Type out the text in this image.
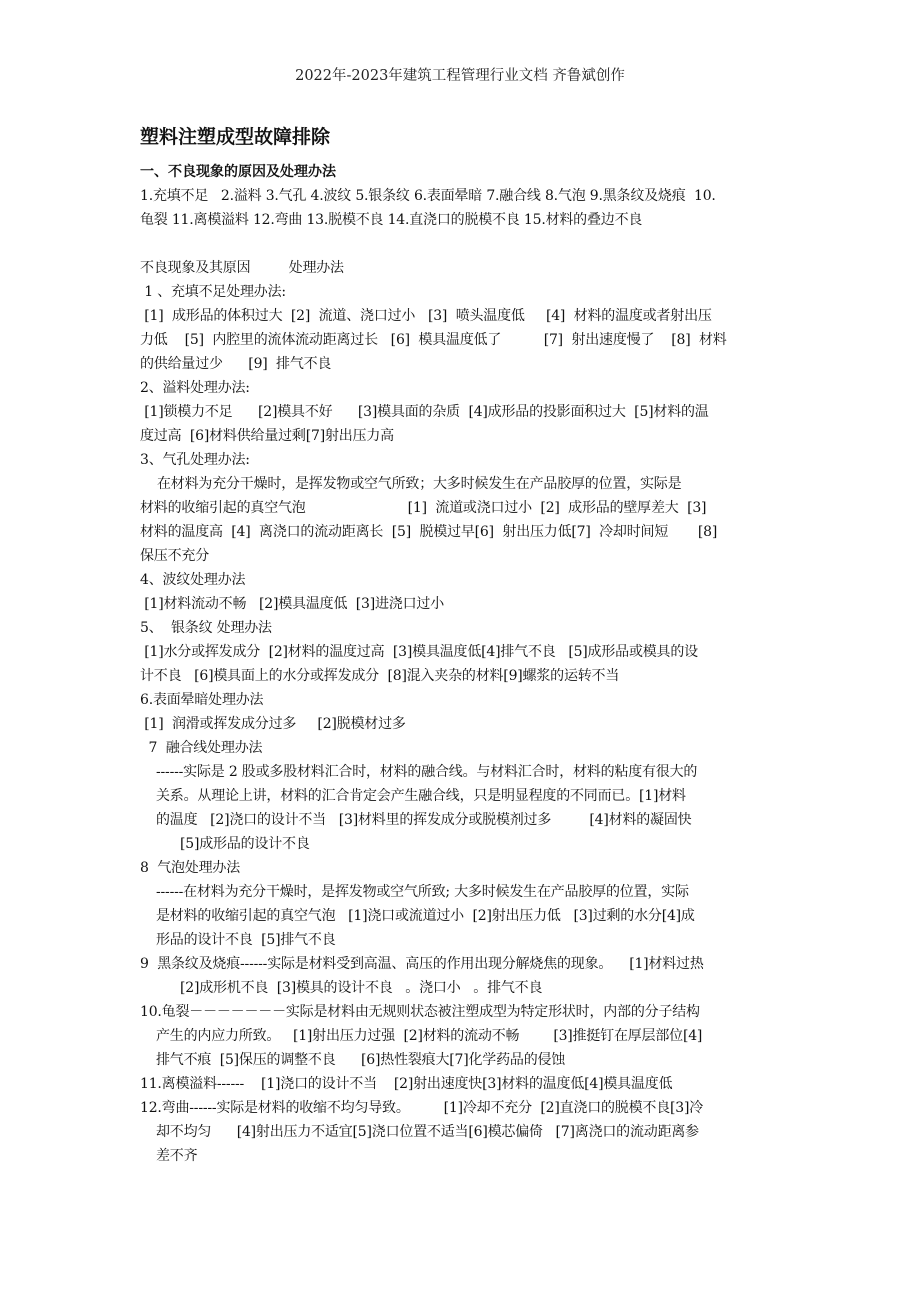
2022年-2023年建筑工程管理行业文档 齐鲁斌创作
塑料注塑成型故障排除
一、不良现象的原因及处理办法
1.充填不足   2.溢料 3.气孔 4.波纹 5.银条纹 6.表面晕暗 7.融合线 8.气泡 9.黑条纹及烧痕  10.
龟裂 11.离模溢料 12.弯曲 13.脱模不良 14.直浇口的脱模不良 15.材料的叠边不良
不良现象及其原因         处理办法
1 、充填不足处理办法:
[1]  成形品的体积过大  [2]  流道、浇口过小   [3]  喷头温度低     [4]  材料的温度或者射出压
力低    [5]  内腔里的流体流动距离过长   [6]  模具温度低了          [7]  射出速度慢了    [8]  材料
的供给量过少      [9]  排气不良
2、溢料处理办法:
[1]锁模力不足      [2]模具不好      [3]模具面的杂质  [4]成形品的投影面积过大  [5]材料的温
度过高  [6]材料供给量过剩[7]射出压力高
3、气孔处理办法:
在材料为充分干燥时，是挥发物或空气所致；大多时候发生在产品胶厚的位置，实际是
材料的收缩引起的真空气泡                        [1]  流道或浇口过小  [2]  成形品的壁厚差大  [3]
材料的温度高  [4]  离浇口的流动距离长  [5]  脱模过早[6]  射出压力低[7]  冷却时间短       [8]
保压不充分
4、波纹处理办法
[1]材料流动不畅   [2]模具温度低  [3]进浇口过小
5、  银条纹 处理办法
[1]水分或挥发成分  [2]材料的温度过高  [3]模具温度低[4]排气不良   [5]成形品或模具的设
计不良   [6]模具面上的水分或挥发成分  [8]混入夹杂的材料[9]螺浆的运转不当
6.表面晕暗处理办法
[1]  润滑或挥发成分过多     [2]脱模材过多
7  融合线处理办法
------实际是 2 股或多股材料汇合时，材料的融合线。与材料汇合时，材料的粘度有很大的
关系。从理论上讲，材料的汇合肯定会产生融合线，只是明显程度的不同而已。[1]材料
的温度   [2]浇口的设计不当   [3]材料里的挥发成分或脱模剂过多         [4]材料的凝固快
[5]成形品的设计不良
8  气泡处理办法
------在材料为充分干燥时，是挥发物或空气所致; 大多时候发生在产品胶厚的位置，实际
是材料的收缩引起的真空气泡   [1]浇口或流道过小  [2]射出压力低   [3]过剩的水分[4]成
形品的设计不良  [5]排气不良
9  黑条纹及烧痕------实际是材料受到高温、高压的作用出现分解烧焦的现象。    [1]材料过热
[2]成形机不良  [3]模具的设计不良   。浇口小   。排气不良
10.龟裂－－－－－－－实际是材料由无规则状态被注塑成型为特定形状时，内部的分子结构
产生的内应力所致。   [1]射出压力过强  [2]材料的流动不畅        [3]推挺钉在厚层部位[4]
排气不痕  [5]保压的调整不良      [6]热性裂痕大[7]化学药品的侵蚀
11.离模溢料------    [1]浇口的设计不当    [2]射出速度快[3]材料的温度低[4]模具温度低
12.弯曲------实际是材料的收缩不均匀导致。        [1]冷却不充分  [2]直浇口的脱模不良[3]冷
却不均匀      [4]射出压力不适宜[5]浇口位置不适当[6]模芯偏倚   [7]离浇口的流动距离参
差不齐
